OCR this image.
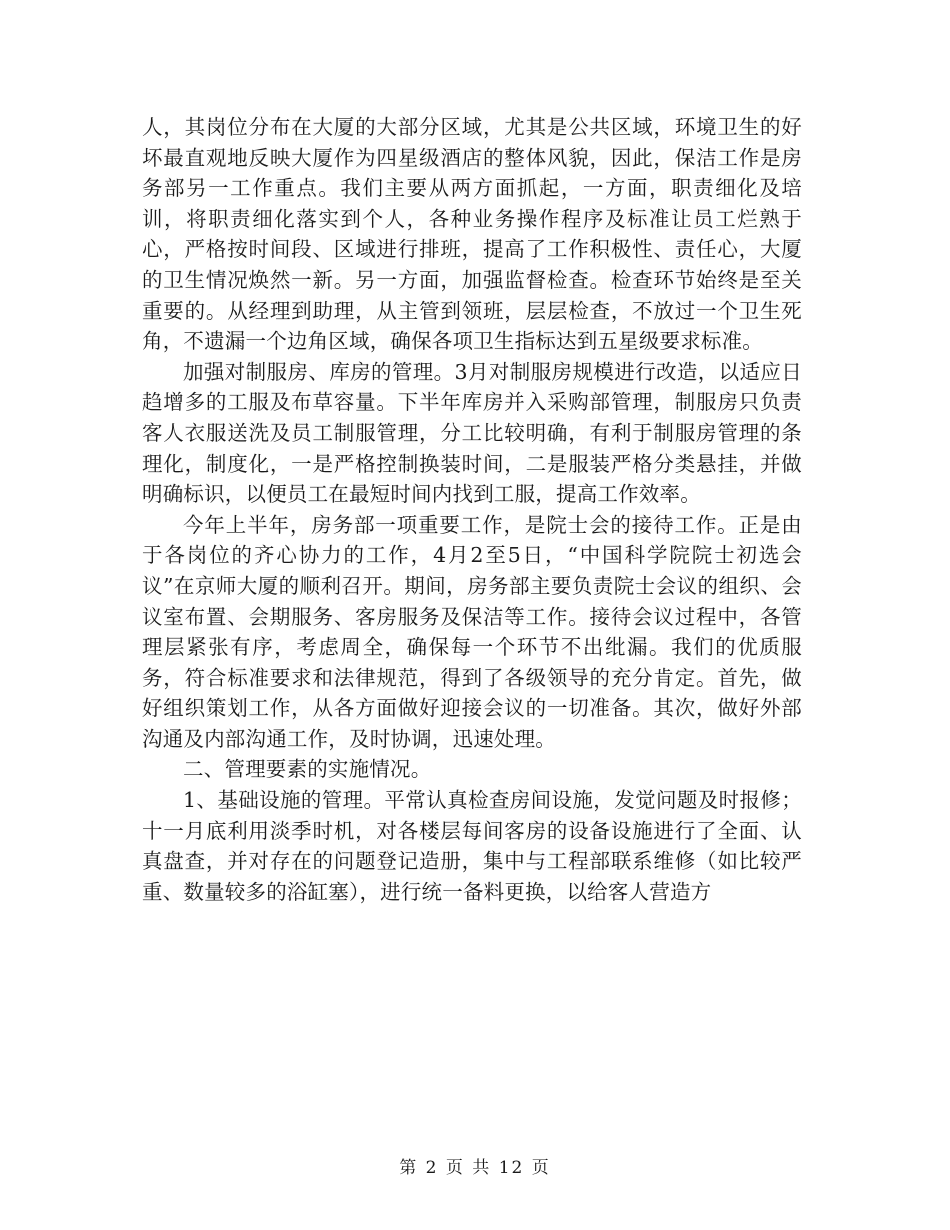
人，其岗位分布在大厦的大部分区域，尤其是公共区域，环境卫生的好坏最直观地反映大厦作为四星级酒店的整体风貌，因此，保洁工作是房务部另一工作重点。我们主要从两方面抓起，一方面，职责细化及培训，将职责细化落实到个人，各种业务操作程序及标准让员工烂熟于心，严格按时间段、区域进行排班，提高了工作积极性、责任心，大厦的卫生情况焕然一新。另一方面，加强监督检查。检查环节始终是至关重要的。从经理到助理，从主管到领班，层层检查，不放过一个卫生死角，不遗漏一个边角区域，确保各项卫生指标达到五星级要求标准。

加强对制服房、库房的管理。3月对制服房规模进行改造，以适应日趋增多的工服及布草容量。下半年库房并入采购部管理，制服房只负责客人衣服送洗及员工制服管理，分工比较明确，有利于制服房管理的条理化，制度化，一是严格控制换装时间，二是服装严格分类悬挂，并做明确标识，以便员工在最短时间内找到工服，提高工作效率。

今年上半年，房务部一项重要工作，是院士会的接待工作。正是由于各岗位的齐心协力的工作，4月2至5日，“中国科学院院士初选会议”在京师大厦的顺利召开。期间，房务部主要负责院士会议的组织、会议室布置、会期服务、客房服务及保洁等工作。接待会议过程中，各管理层紧张有序，考虑周全，确保每一个环节不出纰漏。我们的优质服务，符合标准要求和法律规范，得到了各级领导的充分肯定。首先，做好组织策划工作，从各方面做好迎接会议的一切准备。其次，做好外部沟通及内部沟通工作，及时协调，迅速处理。

二、管理要素的实施情况。

1、基础设施的管理。平常认真检查房间设施，发觉问题及时报修；十一月底利用淡季时机，对各楼层每间客房的设备设施进行了全面、认真盘查，并对存在的问题登记造册，集中与工程部联系维修（如比较严重、数量较多的浴缸塞），进行统一备料更换，以给客人营造方

第 2 页 共 12 页
